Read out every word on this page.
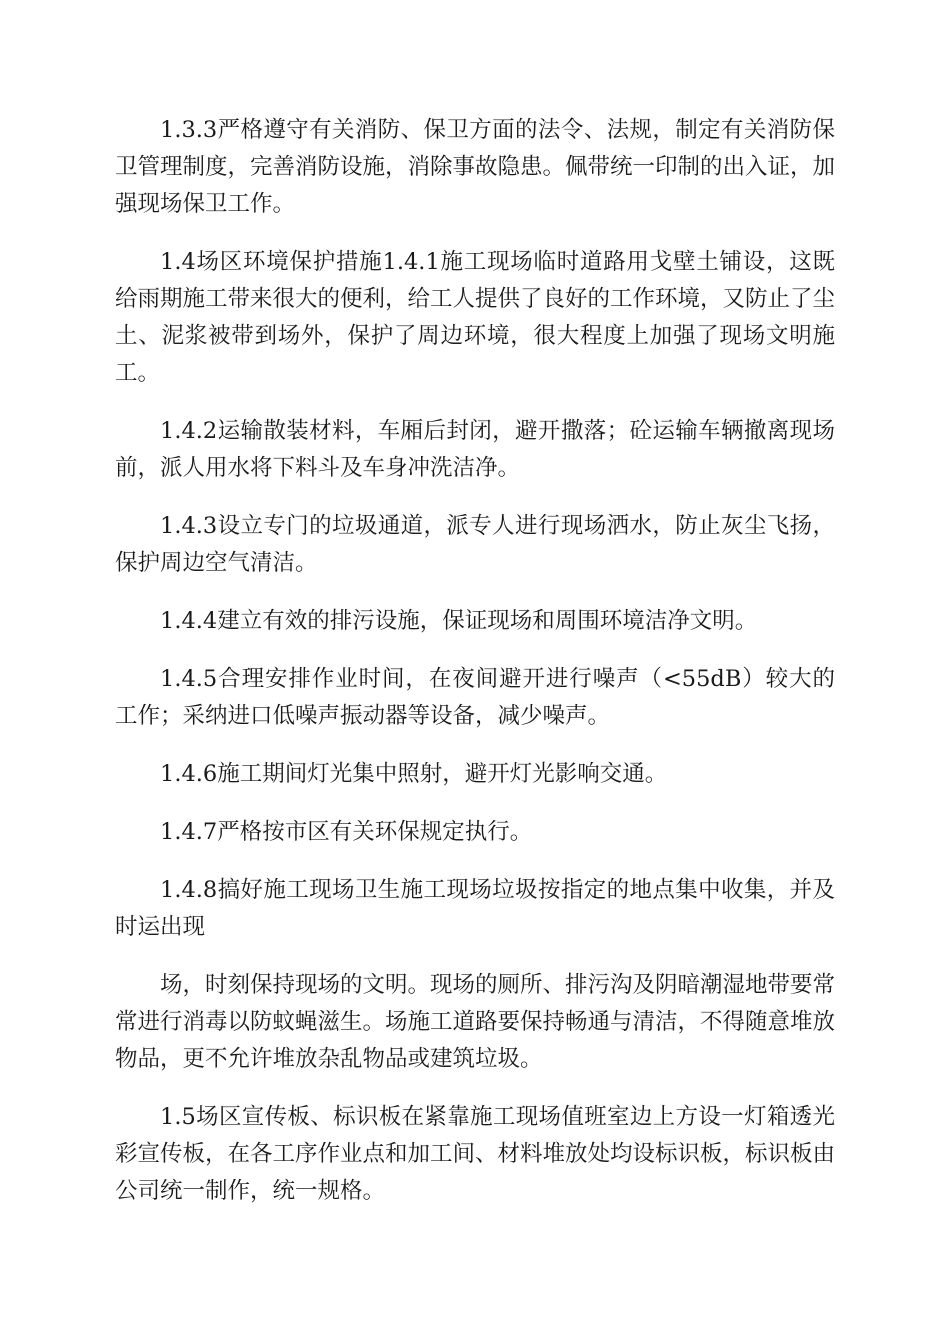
1.3.3严格遵守有关消防、保卫方面的法令、法规，制定有关消防保卫管理制度，完善消防设施，消除事故隐患。佩带统一印制的出入证，加强现场保卫工作。

1.4场区环境保护措施1.4.1施工现场临时道路用戈壁土铺设，这既给雨期施工带来很大的便利，给工人提供了良好的工作环境，又防止了尘土、泥浆被带到场外，保护了周边环境，很大程度上加强了现场文明施工。

1.4.2运输散装材料，车厢后封闭，避开撒落；砼运输车辆撤离现场前，派人用水将下料斗及车身冲洗洁净。

1.4.3设立专门的垃圾通道，派专人进行现场洒水，防止灰尘飞扬，保护周边空气清洁。

1.4.4建立有效的排污设施，保证现场和周围环境洁净文明。

1.4.5合理安排作业时间，在夜间避开进行噪声（<55dB）较大的工作；采纳进口低噪声振动器等设备，减少噪声。

1.4.6施工期间灯光集中照射，避开灯光影响交通。

1.4.7严格按市区有关环保规定执行。

1.4.8搞好施工现场卫生施工现场垃圾按指定的地点集中收集，并及时运出现

场，时刻保持现场的文明。现场的厕所、排污沟及阴暗潮湿地带要常常进行消毒以防蚊蝇滋生。场施工道路要保持畅通与清洁，不得随意堆放物品，更不允许堆放杂乱物品或建筑垃圾。

1.5场区宣传板、标识板在紧靠施工现场值班室边上方设一灯箱透光彩宣传板，在各工序作业点和加工间、材料堆放处均设标识板，标识板由公司统一制作，统一规格。
